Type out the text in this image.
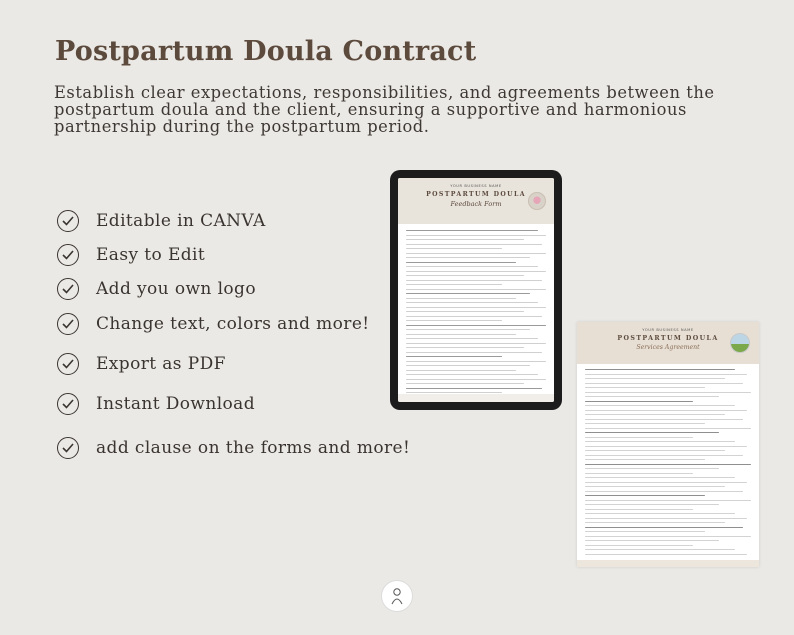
Postpartum Doula Contract
Establish clear expectations, responsibilities, and agreements between the postpartum doula and the client, ensuring a supportive and harmonious partnership during the postpartum period.
Editable in CANVA
Easy to Edit
Add you own logo
Change text, colors and more!
Export as PDF
Instant Download
add clause on the forms and more!
YOUR BUSINESS NAME
POSTPARTUM DOULA
Feedback Form
YOUR BUSINESS NAME
POSTPARTUM DOULA
Services Agreement
